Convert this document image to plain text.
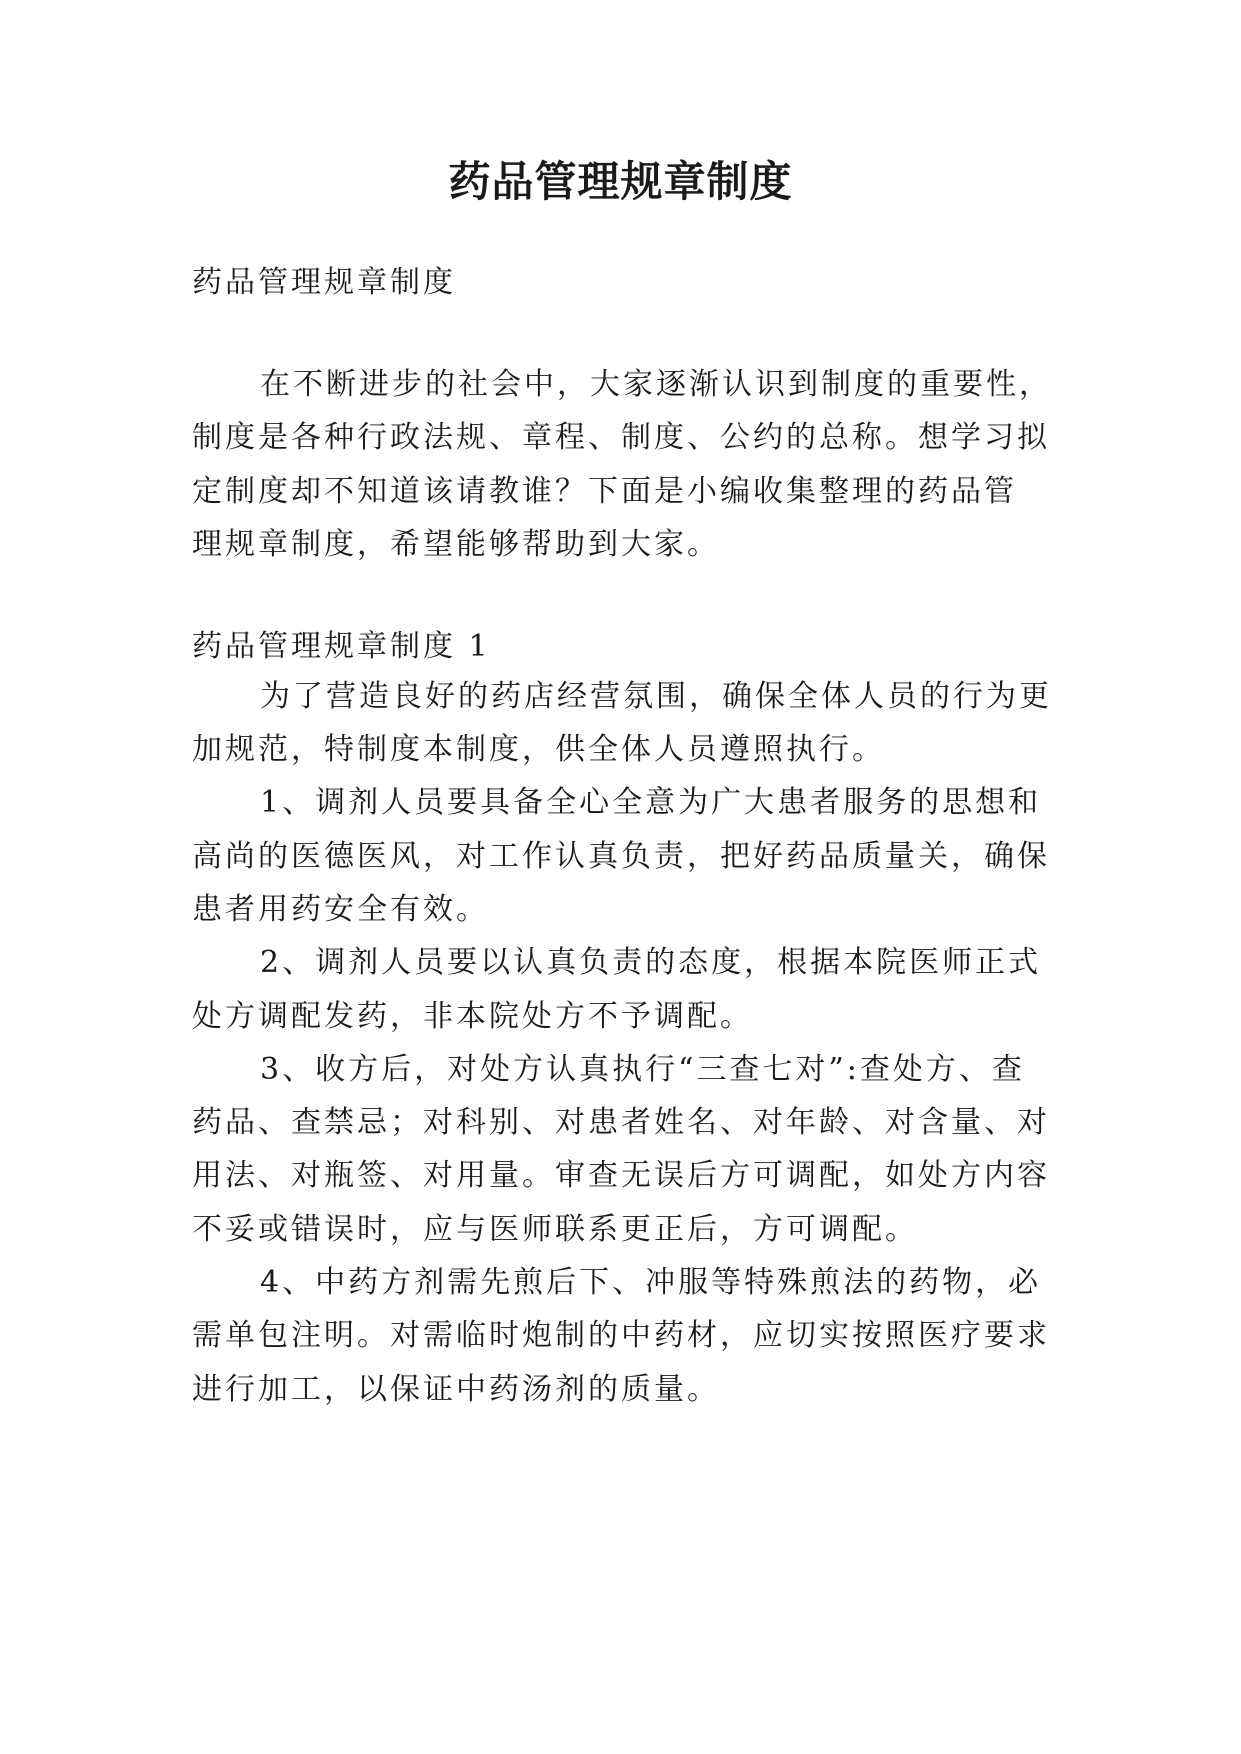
药品管理规章制度

药品管理规章制度

在不断进步的社会中，大家逐渐认识到制度的重要性，

制度是各种行政法规、章程、制度、公约的总称。想学习拟

定制度却不知道该请教谁？下面是小编收集整理的药品管

理规章制度，希望能够帮助到大家。

药品管理规章制度 1

为了营造良好的药店经营氛围，确保全体人员的行为更

加规范，特制度本制度，供全体人员遵照执行。

1、调剂人员要具备全心全意为广大患者服务的思想和

高尚的医德医风，对工作认真负责，把好药品质量关，确保

患者用药安全有效。

2、调剂人员要以认真负责的态度，根据本院医师正式

处方调配发药，非本院处方不予调配。

3、收方后，对处方认真执行“三查七对”:查处方、查

药品、查禁忌；对科别、对患者姓名、对年龄、对含量、对

用法、对瓶签、对用量。审查无误后方可调配，如处方内容

不妥或错误时，应与医师联系更正后，方可调配。

4、中药方剂需先煎后下、冲服等特殊煎法的药物，必

需单包注明。对需临时炮制的中药材，应切实按照医疗要求

进行加工，以保证中药汤剂的质量。
